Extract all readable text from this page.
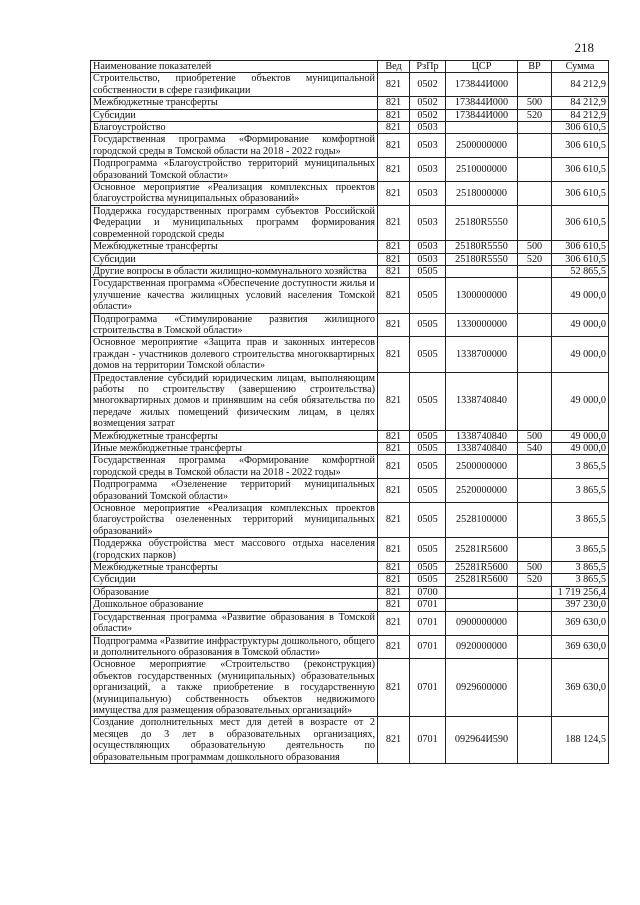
218
Наименование показателей	Вед	РзПр	ЦСР	ВР	Сумма
Строительство, приобретение объектов муниципальной собственности в сфере газификации	821	0502	173844И000		84 212,9
Межбюджетные трансферты	821	0502	173844И000	500	84 212,9
Субсидии	821	0502	173844И000	520	84 212,9
Благоустройство	821	0503			306 610,5
Государственная программа «Формирование комфортной городской среды в Томской области на 2018 - 2022 годы»	821	0503	2500000000		306 610,5
Подпрограмма «Благоустройство территорий муниципальных образований Томской области»	821	0503	2510000000		306 610,5
Основное мероприятие «Реализация комплексных проектов благоустройства муниципальных образований»	821	0503	2518000000		306 610,5
Поддержка государственных программ субъектов Российской Федерации и муниципальных программ формирования современной городской среды	821	0503	25180R5550		306 610,5
Межбюджетные трансферты	821	0503	25180R5550	500	306 610,5
Субсидии	821	0503	25180R5550	520	306 610,5
Другие вопросы в области жилищно-коммунального хозяйства	821	0505			52 865,5
Государственная программа «Обеспечение доступности жилья и улучшение качества жилищных условий населения Томской области»	821	0505	1300000000		49 000,0
Подпрограмма «Стимулирование развития жилищного строительства в Томской области»	821	0505	1330000000		49 000,0
Основное мероприятие «Защита прав и законных интересов граждан - участников долевого строительства многоквартирных домов на территории Томской области»	821	0505	1338700000		49 000,0
Предоставление субсидий юридическим лицам, выполняющим работы по строительству (завершению строительства) многоквартирных домов и принявшим на себя обязательства по передаче жилых помещений физическим лицам, в целях возмещения затрат	821	0505	1338740840		49 000,0
Межбюджетные трансферты	821	0505	1338740840	500	49 000,0
Иные межбюджетные трансферты	821	0505	1338740840	540	49 000,0
Государственная программа «Формирование комфортной городской среды в Томской области на 2018 - 2022 годы»	821	0505	2500000000		3 865,5
Подпрограмма «Озеленение территорий муниципальных образований Томской области»	821	0505	2520000000		3 865,5
Основное мероприятие «Реализация комплексных проектов благоустройства озелененных территорий муниципальных образований»	821	0505	2528100000		3 865,5
Поддержка обустройства мест массового отдыха населения (городских парков)	821	0505	25281R5600		3 865,5
Межбюджетные трансферты	821	0505	25281R5600	500	3 865,5
Субсидии	821	0505	25281R5600	520	3 865,5
Образование	821	0700			1 719 256,4
Дошкольное образование	821	0701			397 230,0
Государственная программа «Развитие образования в Томской области»	821	0701	0900000000		369 630,0
Подпрограмма «Развитие инфраструктуры дошкольного, общего и дополнительного образования в Томской области»	821	0701	0920000000		369 630,0
Основное мероприятие «Строительство (реконструкция) объектов государственных (муниципальных) образовательных организаций, а также приобретение в государственную (муниципальную) собственность объектов недвижимого имущества для размещения образовательных организаций»	821	0701	0929600000		369 630,0
Создание дополнительных мест для детей в возрасте от 2 месяцев до 3 лет в образовательных организациях, осуществляющих образовательную деятельность по образовательным программам дошкольного образования	821	0701	092964И590		188 124,5
